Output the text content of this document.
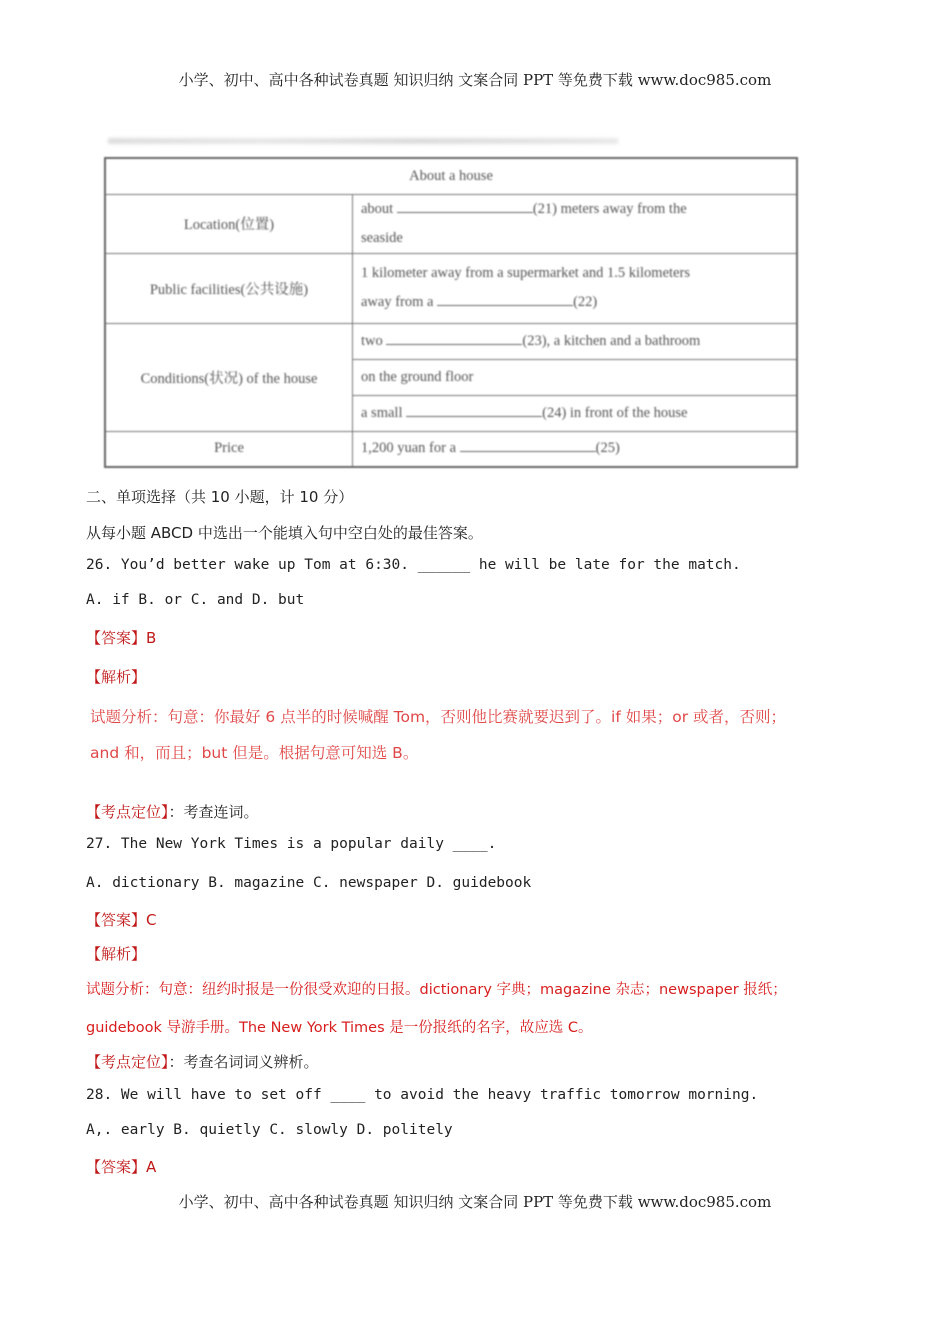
小学、初中、高中各种试卷真题 知识归纳 文案合同 PPT 等免费下载 www.doc985.com
About a house	
Location(位置)	about (21) meters away from the
seaside
Public facilities(公共设施)	1 kilometer away from a supermarket and 1.5 kilometers
away from a (22)
Conditions(状况) of the house	two (23), a kitchen and a bathroom
	on the ground floor
	a small (24) in front of the house
Price	1,200 yuan for a (25)
二、单项选择（共 10 小题，计 10 分）
从每小题 ABCD 中选出一个能填入句中空白处的最佳答案。
26. You’d better wake up Tom at 6:30. ______ he will be late for the match.
A. if B. or C. and D. but
【答案】B
【解析】
试题分析：句意：你最好 6 点半的时候喊醒 Tom，否则他比赛就要迟到了。if 如果；or 或者，否则；
and 和，而且；but 但是。根据句意可知选 B。
【考点定位】：考查连词。
27. The New York Times is a popular daily ____.
A. dictionary B. magazine C. newspaper D. guidebook
【答案】C
【解析】
试题分析：句意：纽约时报是一份很受欢迎的日报。dictionary 字典；magazine 杂志；newspaper 报纸；
guidebook 导游手册。The New York Times 是一份报纸的名字，故应选 C。
【考点定位】：考查名词词义辨析。
28. We will have to set off ____ to avoid the heavy traffic tomorrow morning.
A,. early B. quietly C. slowly D. politely
【答案】A
小学、初中、高中各种试卷真题 知识归纳 文案合同 PPT 等免费下载 www.doc985.com
